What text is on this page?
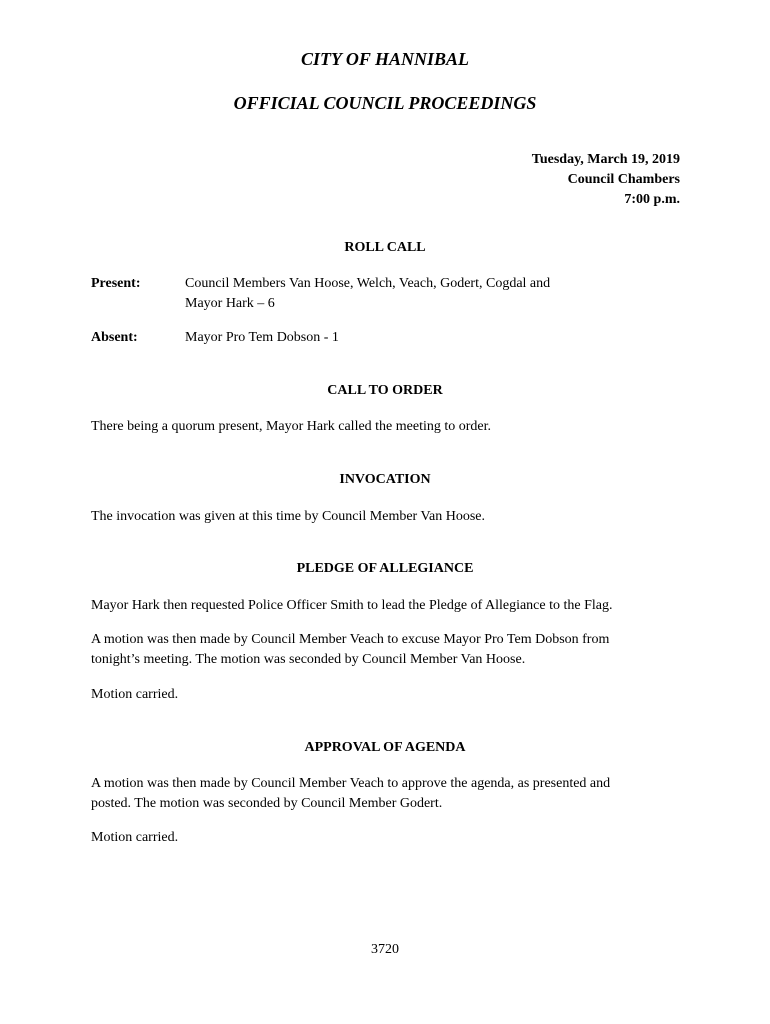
CITY OF HANNIBAL
OFFICIAL COUNCIL PROCEEDINGS
Tuesday, March 19, 2019
Council Chambers
7:00 p.m.
ROLL CALL
Present:	Council Members Van Hoose, Welch, Veach, Godert, Cogdal and
Mayor Hark – 6
Absent:	Mayor Pro Tem Dobson - 1
CALL TO ORDER
There being a quorum present, Mayor Hark called the meeting to order.
INVOCATION
The invocation was given at this time by Council Member Van Hoose.
PLEDGE OF ALLEGIANCE
Mayor Hark then requested Police Officer Smith to lead the Pledge of Allegiance to the Flag.
A motion was then made by Council Member Veach to excuse Mayor Pro Tem Dobson from
tonight’s meeting. The motion was seconded by Council Member Van Hoose.
Motion carried.
APPROVAL OF AGENDA
A motion was then made by Council Member Veach to approve the agenda, as presented and
posted. The motion was seconded by Council Member Godert.
Motion carried.
3720
